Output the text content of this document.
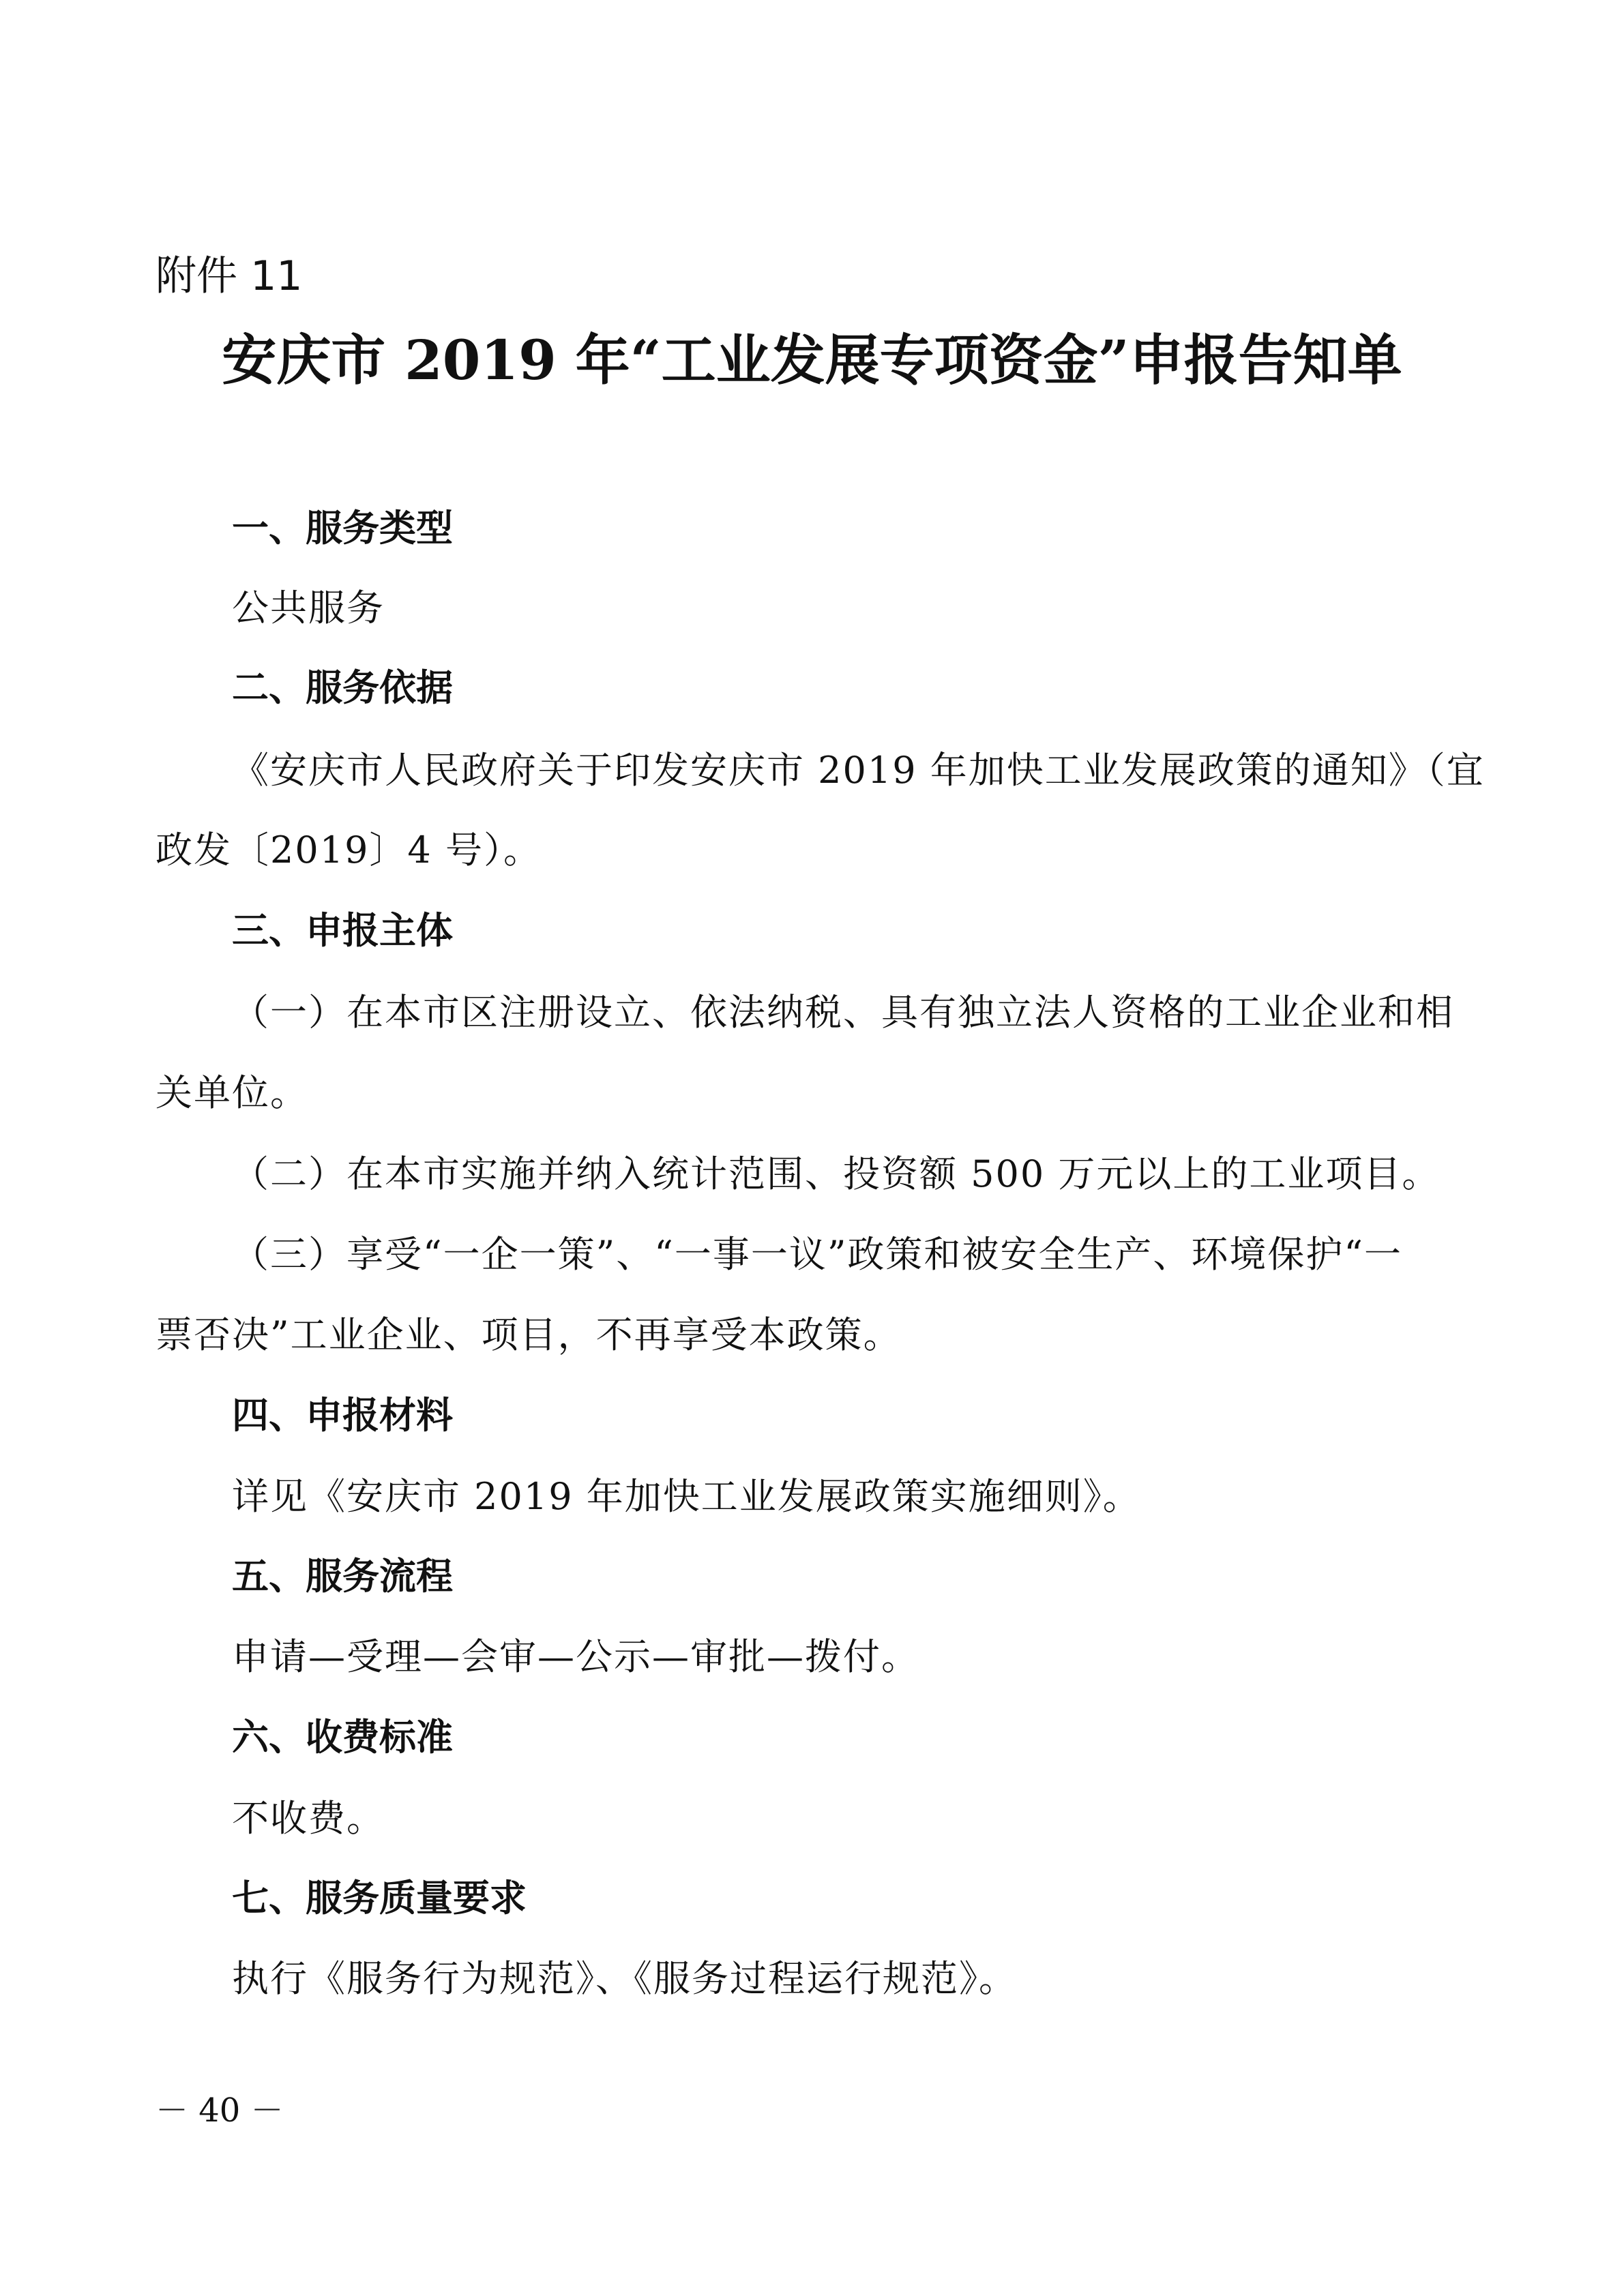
附件 11
安庆市 2019 年“工业发展专项资金”申报告知单
一、服务类型
公共服务
二、服务依据
《安庆市人民政府关于印发安庆市 2019 年加快工业发展政策的通知》（宜
政发〔2019〕4 号）。
三、申报主体
（一）在本市区注册设立、依法纳税、具有独立法人资格的工业企业和相
关单位。
（二）在本市实施并纳入统计范围、投资额 500 万元以上的工业项目。
（三）享受“一企一策”、“一事一议”政策和被安全生产、环境保护“一
票否决”工业企业、项目，不再享受本政策。
四、申报材料
详见《安庆市 2019 年加快工业发展政策实施细则》。
五、服务流程
申请—受理—会审—公示—审批—拨付。
六、收费标准
不收费。
七、服务质量要求
执行《服务行为规范》、《服务过程运行规范》。
－ 40 －
